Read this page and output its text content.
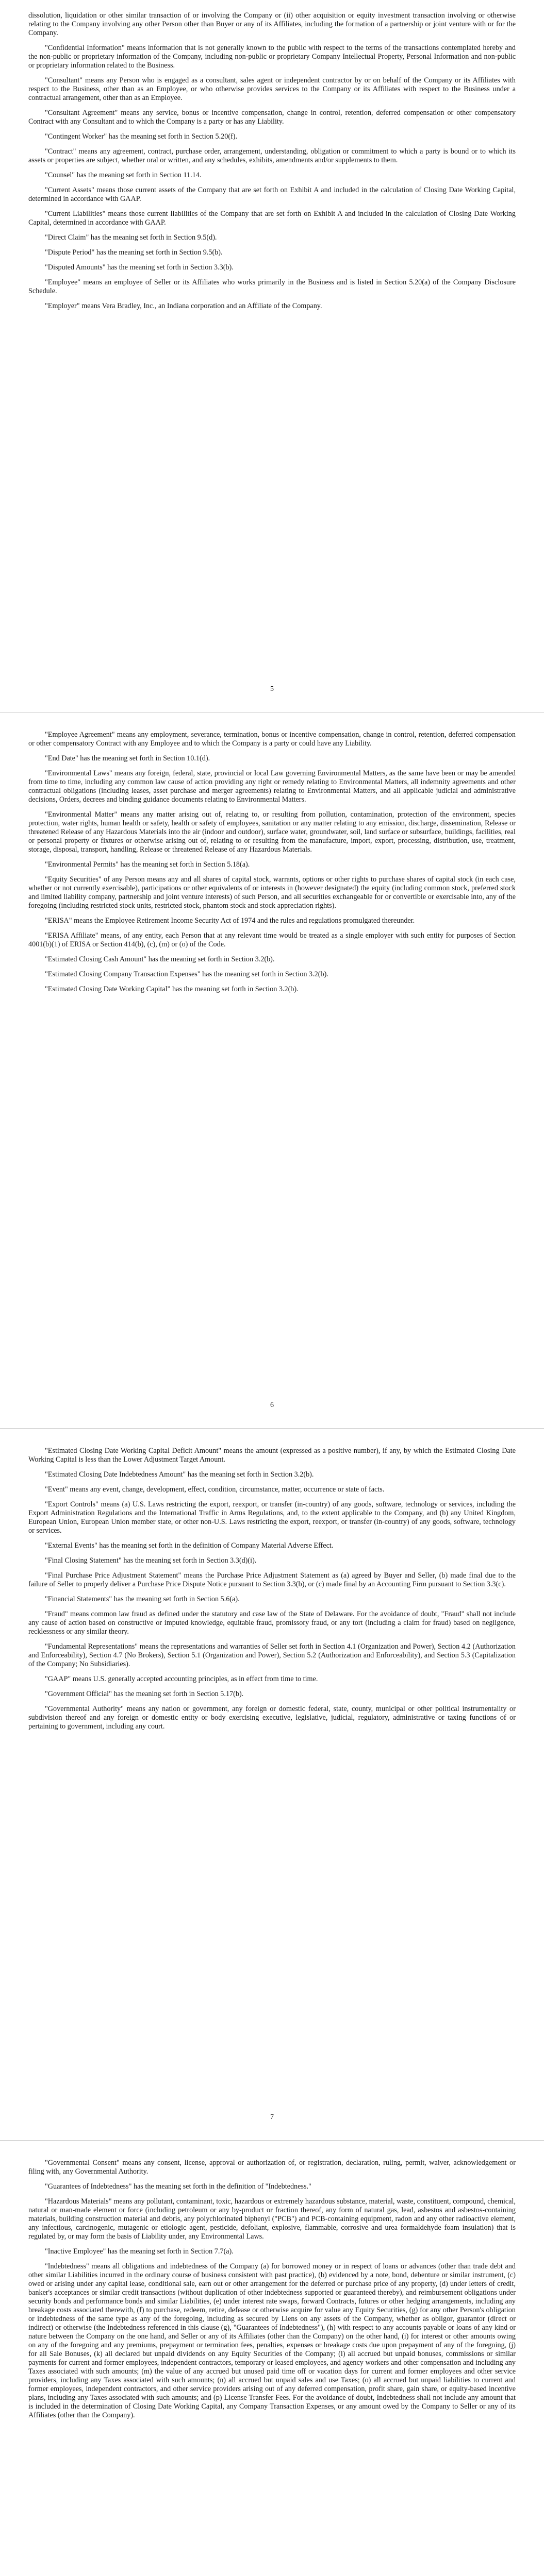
dissolution, liquidation or other similar transaction of or involving the Company or (ii) other acquisition or equity investment transaction involving or otherwise relating to the Company involving any other Person other than Buyer or any of its Affiliates, including the formation of a partnership or joint venture with or for the Company.

"Confidential Information" means information that is not generally known to the public with respect to the terms of the transactions contemplated hereby and the non-public or proprietary information of the Company, including non-public or proprietary Company Intellectual Property, Personal Information and non-public or proprietary information related to the Business.

"Consultant" means any Person who is engaged as a consultant, sales agent or independent contractor by or on behalf of the Company or its Affiliates with respect to the Business, other than as an Employee, or who otherwise provides services to the Company or its Affiliates with respect to the Business under a contractual arrangement, other than as an Employee.

"Consultant Agreement" means any service, bonus or incentive compensation, change in control, retention, deferred compensation or other compensatory Contract with any Consultant and to which the Company is a party or has any Liability.

"Contingent Worker" has the meaning set forth in Section 5.20(f).

"Contract" means any agreement, contract, purchase order, arrangement, understanding, obligation or commitment to which a party is bound or to which its assets or properties are subject, whether oral or written, and any schedules, exhibits, amendments and/or supplements to them.

"Counsel" has the meaning set forth in Section 11.14.

"Current Assets" means those current assets of the Company that are set forth on Exhibit A and included in the calculation of Closing Date Working Capital, determined in accordance with GAAP.

"Current Liabilities" means those current liabilities of the Company that are set forth on Exhibit A and included in the calculation of Closing Date Working Capital, determined in accordance with GAAP.

"Direct Claim" has the meaning set forth in Section 9.5(d).

"Dispute Period" has the meaning set forth in Section 9.5(b).

"Disputed Amounts" has the meaning set forth in Section 3.3(b).

"Employee" means an employee of Seller or its Affiliates who works primarily in the Business and is listed in Section 5.20(a) of the Company Disclosure Schedule.

"Employer" means Vera Bradley, Inc., an Indiana corporation and an Affiliate of the Company.

5

"Employee Agreement" means any employment, severance, termination, bonus or incentive compensation, change in control, retention, deferred compensation or other compensatory Contract with any Employee and to which the Company is a party or could have any Liability.

"End Date" has the meaning set forth in Section 10.1(d).

"Environmental Laws" means any foreign, federal, state, provincial or local Law governing Environmental Matters, as the same have been or may be amended from time to time, including any common law cause of action providing any right or remedy relating to Environmental Matters, all indemnity agreements and other contractual obligations (including leases, asset purchase and merger agreements) relating to Environmental Matters, and all applicable judicial and administrative decisions, Orders, decrees and binding guidance documents relating to Environmental Matters.

"Environmental Matter" means any matter arising out of, relating to, or resulting from pollution, contamination, protection of the environment, species protection, water rights, human health or safety, health or safety of employees, sanitation or any matter relating to any emission, discharge, dissemination, Release or threatened Release of any Hazardous Materials into the air (indoor and outdoor), surface water, groundwater, soil, land surface or subsurface, buildings, facilities, real or personal property or fixtures or otherwise arising out of, relating to or resulting from the manufacture, import, export, processing, distribution, use, treatment, storage, disposal, transport, handling, Release or threatened Release of any Hazardous Materials.

"Environmental Permits" has the meaning set forth in Section 5.18(a).

"Equity Securities" of any Person means any and all shares of capital stock, warrants, options or other rights to purchase shares of capital stock (in each case, whether or not currently exercisable), participations or other equivalents of or interests in (however designated) the equity (including common stock, preferred stock and limited liability company, partnership and joint venture interests) of such Person, and all securities exchangeable for or convertible or exercisable into, any of the foregoing (including restricted stock units, restricted stock, phantom stock and stock appreciation rights).

"ERISA" means the Employee Retirement Income Security Act of 1974 and the rules and regulations promulgated thereunder.

"ERISA Affiliate" means, of any entity, each Person that at any relevant time would be treated as a single employer with such entity for purposes of Section 4001(b)(1) of ERISA or Section 414(b), (c), (m) or (o) of the Code.

"Estimated Closing Cash Amount" has the meaning set forth in Section 3.2(b).

"Estimated Closing Company Transaction Expenses" has the meaning set forth in Section 3.2(b).

"Estimated Closing Date Working Capital" has the meaning set forth in Section 3.2(b).

6

"Estimated Closing Date Working Capital Deficit Amount" means the amount (expressed as a positive number), if any, by which the Estimated Closing Date Working Capital is less than the Lower Adjustment Target Amount.

"Estimated Closing Date Indebtedness Amount" has the meaning set forth in Section 3.2(b).

"Event" means any event, change, development, effect, condition, circumstance, matter, occurrence or state of facts.

"Export Controls" means (a) U.S. Laws restricting the export, reexport, or transfer (in-country) of any goods, software, technology or services, including the Export Administration Regulations and the International Traffic in Arms Regulations, and, to the extent applicable to the Company, and (b) any United Kingdom, European Union, European Union member state, or other non-U.S. Laws restricting the export, reexport, or transfer (in-country) of any goods, software, technology or services.

"External Events" has the meaning set forth in the definition of Company Material Adverse Effect.

"Final Closing Statement" has the meaning set forth in Section 3.3(d)(i).

"Final Purchase Price Adjustment Statement" means the Purchase Price Adjustment Statement as (a) agreed by Buyer and Seller, (b) made final due to the failure of Seller to properly deliver a Purchase Price Dispute Notice pursuant to Section 3.3(b), or (c) made final by an Accounting Firm pursuant to Section 3.3(c).

"Financial Statements" has the meaning set forth in Section 5.6(a).

"Fraud" means common law fraud as defined under the statutory and case law of the State of Delaware. For the avoidance of doubt, "Fraud" shall not include any cause of action based on constructive or imputed knowledge, equitable fraud, promissory fraud, or any tort (including a claim for fraud) based on negligence, recklessness or any similar theory.

"Fundamental Representations" means the representations and warranties of Seller set forth in Section 4.1 (Organization and Power), Section 4.2 (Authorization and Enforceability), Section 4.7 (No Brokers), Section 5.1 (Organization and Power), Section 5.2 (Authorization and Enforceability), and Section 5.3 (Capitalization of the Company; No Subsidiaries).

"GAAP" means U.S. generally accepted accounting principles, as in effect from time to time.

"Government Official" has the meaning set forth in Section 5.17(b).

"Governmental Authority" means any nation or government, any foreign or domestic federal, state, county, municipal or other political instrumentality or subdivision thereof and any foreign or domestic entity or body exercising executive, legislative, judicial, regulatory, administrative or taxing functions of or pertaining to government, including any court.

7

"Governmental Consent" means any consent, license, approval or authorization of, or registration, declaration, ruling, permit, waiver, acknowledgement or filing with, any Governmental Authority.

"Guarantees of Indebtedness" has the meaning set forth in the definition of "Indebtedness."

"Hazardous Materials" means any pollutant, contaminant, toxic, hazardous or extremely hazardous substance, material, waste, constituent, compound, chemical, natural or man-made element or force (including petroleum or any by-product or fraction thereof, any form of natural gas, lead, asbestos and asbestos-containing materials, building construction material and debris, any polychlorinated biphenyl ("PCB") and PCB-containing equipment, radon and any other radioactive element, any infectious, carcinogenic, mutagenic or etiologic agent, pesticide, defoliant, explosive, flammable, corrosive and urea formaldehyde foam insulation) that is regulated by, or may form the basis of Liability under, any Environmental Laws.

"Inactive Employee" has the meaning set forth in Section 7.7(a).

"Indebtedness" means all obligations and indebtedness of the Company (a) for borrowed money or in respect of loans or advances (other than trade debt and other similar Liabilities incurred in the ordinary course of business consistent with past practice), (b) evidenced by a note, bond, debenture or similar instrument, (c) owed or arising under any capital lease, conditional sale, earn out or other arrangement for the deferred or purchase price of any property, (d) under letters of credit, banker's acceptances or similar credit transactions (without duplication of other indebtedness supported or guaranteed thereby), and reimbursement obligations under security bonds and performance bonds and similar Liabilities, (e) under interest rate swaps, forward Contracts, futures or other hedging arrangements, including any breakage costs associated therewith, (f) to purchase, redeem, retire, defease or otherwise acquire for value any Equity Securities, (g) for any other Person's obligation or indebtedness of the same type as any of the foregoing, including as secured by Liens on any assets of the Company, whether as obligor, guarantor (direct or indirect) or otherwise (the Indebtedness referenced in this clause (g), "Guarantees of Indebtedness"), (h) with respect to any accounts payable or loans of any kind or nature between the Company on the one hand, and Seller or any of its Affiliates (other than the Company) on the other hand, (i) for interest or other amounts owing on any of the foregoing and any premiums, prepayment or termination fees, penalties, expenses or breakage costs due upon prepayment of any of the foregoing, (j) for all Sale Bonuses, (k) all declared but unpaid dividends on any Equity Securities of the Company; (l) all accrued but unpaid bonuses, commissions or similar payments for current and former employees, independent contractors, temporary or leased employees, and agency workers and other compensation and including any Taxes associated with such amounts; (m) the value of any accrued but unused paid time off or vacation days for current and former employees and other service providers, including any Taxes associated with such amounts; (n) all accrued but unpaid sales and use Taxes; (o) all accrued but unpaid liabilities to current and former employees, independent contractors, and other service providers arising out of any deferred compensation, profit share, gain share, or equity-based incentive plans, including any Taxes associated with such amounts; and (p) License Transfer Fees. For the avoidance of doubt, Indebtedness shall not include any amount that is included in the determination of Closing Date Working Capital, any Company Transaction Expenses, or any amount owed by the Company to Seller or any of its Affiliates (other than the Company).
